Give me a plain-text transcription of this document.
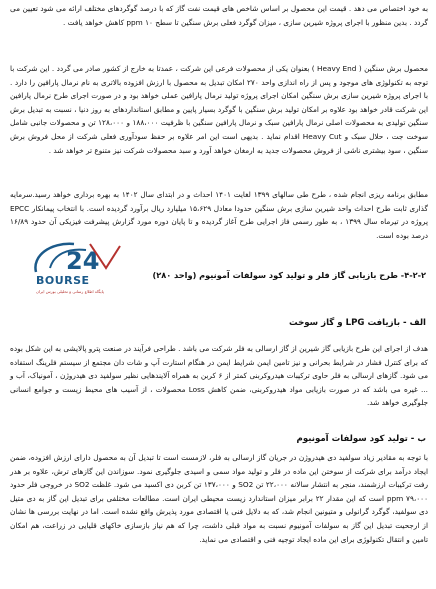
به خود اختصاص می دهد . قیمت این محصول بر اساس شاخص های قیمت نفت گاز که با درصد گوگردهای مختلف ارائه می شود تعیین می گردد . بدین منظور با اجرای پروژه شیرین سازی ، میزان گوگرد فعلی برش سنگین تا سطح ppm ۱۰ کاهش خواهد یافت .

محصول برش سنگین ( Heavy End ) بعنوان یکی از محصولات فرعی این شرکت ، عمدتا به خارج از کشور صادر می گردد . این شرکت با توجه به تکنولوژی های موجود و پس از راه اندازی واحد ۲۷۰ امکان تبدیل به محصول با ارزش افزوده بالاتری به نام نرمال پارافین را دارد . با اجرای پروژه شیرین سازی برش سنگین امکان اجرای پروژه تولید نرمال پارافین عملی خواهد بود و در صورت اجرای طرح نرمال پارافین این شرکت قادر خواهد بود علاوه بر امکان تولید برش سنگین با گوگرد بسیار پایین و مطابق استانداردهای به روز دنیا ، نسبت به تبدیل برش سنگین تولیدی به محصولات اصلی نرمال پارافین سبک و نرمال پارافین سنگین با ظرفیت ۱۸۸،۰۰۰ و ۱۲۸،۰۰۰ تن و محصولات جانبی شامل سوخت جت ، حلال سبک و Heavy Cut اقدام نماید . بدیهی است این امر علاوه بر حفظ سودآوری فعلی شرکت از محل فروش برش سنگین ، سود بیشتری ناشی از فروش محصولات جدید به ارمغان خواهد آورد و سبد محصولات شرکت نیز متنوع تر خواهد شد .

مطابق برنامه ریزی انجام شده ، طرح طی سالهای ۱۳۹۹ لغایت ۱۴۰۱ احداث و در ابتدای سال ۱۴۰۲ به بهره برداری خواهد رسید.سرمایه گذاری ثابت طرح احداث واحد شیرین سازی برش سنگین حدودا معادل ۱۵،۶۲۹ میلیارد ریال برآورد گردیده است. با انتخاب پیمانکار EPCC پروژه در تیرماه سال ۱۳۹۹ ، به طور رسمی فاز اجرایی طرح آغاز گردیده و تا پایان دوره مورد گزارش پیشرفت فیزیکی آن حدود ۱۶/۸۹ درصد بوده است.

24
BOURSE
پایگاه اطلاع رسانی و تحلیلی بورس ایران
۴-۲-۲- طرح بازیابی گاز فلر و تولید کود سولفات آمونیوم (واحد ۲۸۰)
الف - بازیافت LPG و گاز سوخت

هدف از اجرای این طرح بازیابی گاز شیرین از گاز ارسالی به فلر شرکت می باشد . طراحی فرآیند در صنعت پترو پالایشی به این شکل بوده که برای کنترل فشار در شرایط بحرانی و نیز تامین ایمن شرایط ایمن در هنگام استارت آپ و شات دان مجتمع از سیستم فلرینگ استفاده می شود. گازهای ارسالی به فلر حاوی ترکیبات هیدروکربنی کمتر از ۶ کربن به همراه آلایندهایی نظیر سولفید دی هیدروژن ، آمونیاک، آب و ... غیره می باشد که در صورت بازیابی مواد هیدروکربنی، ضمن کاهش Loss محصولات ، از آسیب های محیط زیست و جوامع انسانی جلوگیری خواهد شد.

ب - تولید کود سولفات آمونیوم

با توجه به مقادیر زیاد سولفید دی هیدروژن در جریان گاز ارسالی به فلر، لازمست است تا تبدیل آن به محصول دارای ارزش افزوده، ضمن ایجاد درآمد برای شرکت از سوختن این ماده در فلر و تولید مواد سمی و اسیدی جلوگیری نمود. سوزاندن این گازهای ترش، علاوه بر هدر رفت ترکیبات ارزشمند، منجر به انتشار سالانه ۲۲،۰۰۰ تن SO2 و ۱۳۷،۰۰۰ تن کربن دی اکسید می شود. غلظت SO2 در خروجی فلر حدود ppm ۷۹،۰۰۰ است که این مقدار ۲۲ برابر میزان استاندارد زیست محیطی ایران است. مطالعات مختلفی برای تبدیل این گاز به دی متیل دی سولفید، گوگرد گرانولی و متیونین انجام شد، که به دلایل فنی یا اقتصادی مورد پذیرش واقع نشده است. اما در نهایت بررسی ها نشان از ارجحیت تبدیل این گاز به سولفات آمونیوم نسبت به مواد قبلی داشت، چرا که هم نیاز بازسازی خاکهای قلیایی در زراعت، هم امکان تامین و انتقال تکنولوژی برای این ماده ایجاد توجیه فنی و اقتصادی می نماید.
